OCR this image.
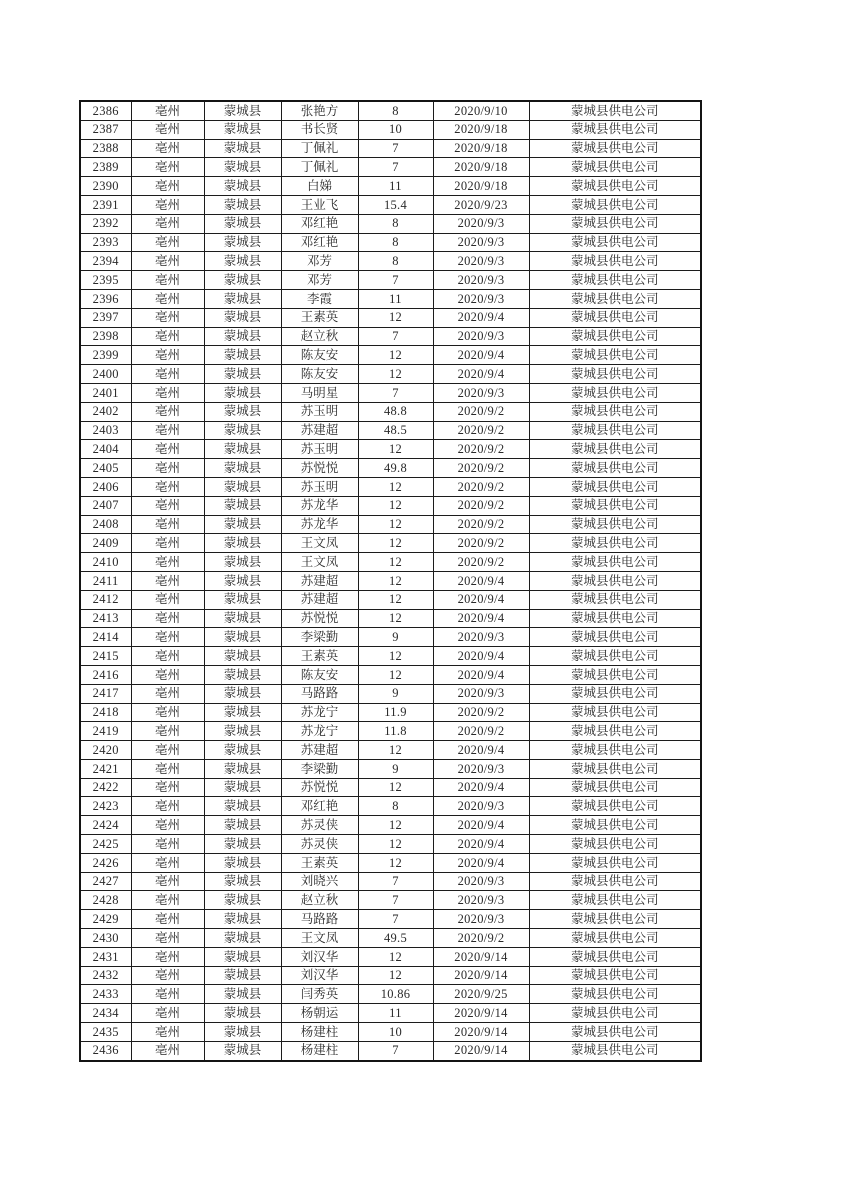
2386	亳州	蒙城县	张艳方	8	2020/9/10	蒙城县供电公司
2387	亳州	蒙城县	书长贤	10	2020/9/18	蒙城县供电公司
2388	亳州	蒙城县	丁佩礼	7	2020/9/18	蒙城县供电公司
2389	亳州	蒙城县	丁佩礼	7	2020/9/18	蒙城县供电公司
2390	亳州	蒙城县	白娣	11	2020/9/18	蒙城县供电公司
2391	亳州	蒙城县	王业飞	15.4	2020/9/23	蒙城县供电公司
2392	亳州	蒙城县	邓红艳	8	2020/9/3	蒙城县供电公司
2393	亳州	蒙城县	邓红艳	8	2020/9/3	蒙城县供电公司
2394	亳州	蒙城县	邓芳	8	2020/9/3	蒙城县供电公司
2395	亳州	蒙城县	邓芳	7	2020/9/3	蒙城县供电公司
2396	亳州	蒙城县	李霞	11	2020/9/3	蒙城县供电公司
2397	亳州	蒙城县	王素英	12	2020/9/4	蒙城县供电公司
2398	亳州	蒙城县	赵立秋	7	2020/9/3	蒙城县供电公司
2399	亳州	蒙城县	陈友安	12	2020/9/4	蒙城县供电公司
2400	亳州	蒙城县	陈友安	12	2020/9/4	蒙城县供电公司
2401	亳州	蒙城县	马明星	7	2020/9/3	蒙城县供电公司
2402	亳州	蒙城县	苏玉明	48.8	2020/9/2	蒙城县供电公司
2403	亳州	蒙城县	苏建超	48.5	2020/9/2	蒙城县供电公司
2404	亳州	蒙城县	苏玉明	12	2020/9/2	蒙城县供电公司
2405	亳州	蒙城县	苏悦悦	49.8	2020/9/2	蒙城县供电公司
2406	亳州	蒙城县	苏玉明	12	2020/9/2	蒙城县供电公司
2407	亳州	蒙城县	苏龙华	12	2020/9/2	蒙城县供电公司
2408	亳州	蒙城县	苏龙华	12	2020/9/2	蒙城县供电公司
2409	亳州	蒙城县	王文凤	12	2020/9/2	蒙城县供电公司
2410	亳州	蒙城县	王文凤	12	2020/9/2	蒙城县供电公司
2411	亳州	蒙城县	苏建超	12	2020/9/4	蒙城县供电公司
2412	亳州	蒙城县	苏建超	12	2020/9/4	蒙城县供电公司
2413	亳州	蒙城县	苏悦悦	12	2020/9/4	蒙城县供电公司
2414	亳州	蒙城县	李梁勤	9	2020/9/3	蒙城县供电公司
2415	亳州	蒙城县	王素英	12	2020/9/4	蒙城县供电公司
2416	亳州	蒙城县	陈友安	12	2020/9/4	蒙城县供电公司
2417	亳州	蒙城县	马路路	9	2020/9/3	蒙城县供电公司
2418	亳州	蒙城县	苏龙宁	11.9	2020/9/2	蒙城县供电公司
2419	亳州	蒙城县	苏龙宁	11.8	2020/9/2	蒙城县供电公司
2420	亳州	蒙城县	苏建超	12	2020/9/4	蒙城县供电公司
2421	亳州	蒙城县	李梁勤	9	2020/9/3	蒙城县供电公司
2422	亳州	蒙城县	苏悦悦	12	2020/9/4	蒙城县供电公司
2423	亳州	蒙城县	邓红艳	8	2020/9/3	蒙城县供电公司
2424	亳州	蒙城县	苏灵侠	12	2020/9/4	蒙城县供电公司
2425	亳州	蒙城县	苏灵侠	12	2020/9/4	蒙城县供电公司
2426	亳州	蒙城县	王素英	12	2020/9/4	蒙城县供电公司
2427	亳州	蒙城县	刘晓兴	7	2020/9/3	蒙城县供电公司
2428	亳州	蒙城县	赵立秋	7	2020/9/3	蒙城县供电公司
2429	亳州	蒙城县	马路路	7	2020/9/3	蒙城县供电公司
2430	亳州	蒙城县	王文凤	49.5	2020/9/2	蒙城县供电公司
2431	亳州	蒙城县	刘汉华	12	2020/9/14	蒙城县供电公司
2432	亳州	蒙城县	刘汉华	12	2020/9/14	蒙城县供电公司
2433	亳州	蒙城县	闫秀英	10.86	2020/9/25	蒙城县供电公司
2434	亳州	蒙城县	杨朝运	11	2020/9/14	蒙城县供电公司
2435	亳州	蒙城县	杨建柱	10	2020/9/14	蒙城县供电公司
2436	亳州	蒙城县	杨建柱	7	2020/9/14	蒙城县供电公司
